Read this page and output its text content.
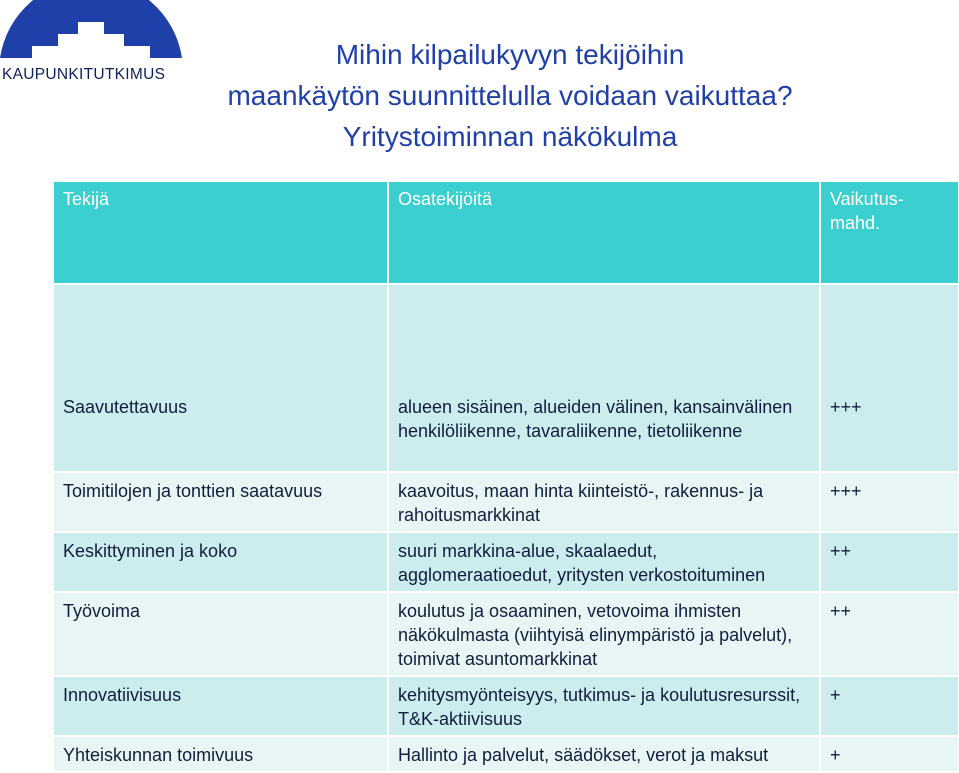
KAUPUNKITUTKIMUS
Mihin kilpailukyvyn tekijöihin
maankäytön suunnittelulla voidaan vaikuttaa?
Yritystoiminnan näkökulma
Tekijä	Osatekijöitä	Vaikutus-
mahd.
Saavutettavuus	alueen sisäinen, alueiden välinen, kansainvälinen henkilöliikenne, tavaraliikenne, tietoliikenne	+++
Toimitilojen ja tonttien saatavuus	kaavoitus, maan hinta kiinteistö-, rakennus- ja rahoitusmarkkinat	+++
Keskittyminen ja koko	suuri markkina-alue, skaalaedut, agglomeraatioedut, yritysten verkostoituminen	++
Työvoima	koulutus ja osaaminen, vetovoima ihmisten näkökulmasta (viihtyisä elinympäristö ja palvelut), toimivat asuntomarkkinat	++
Innovatiivisuus	kehitysmyönteisyys, tutkimus- ja koulutusresurssit, T&K-aktiivisuus	+
Yhteiskunnan toimivuus	Hallinto ja palvelut, säädökset, verot ja maksut	+
